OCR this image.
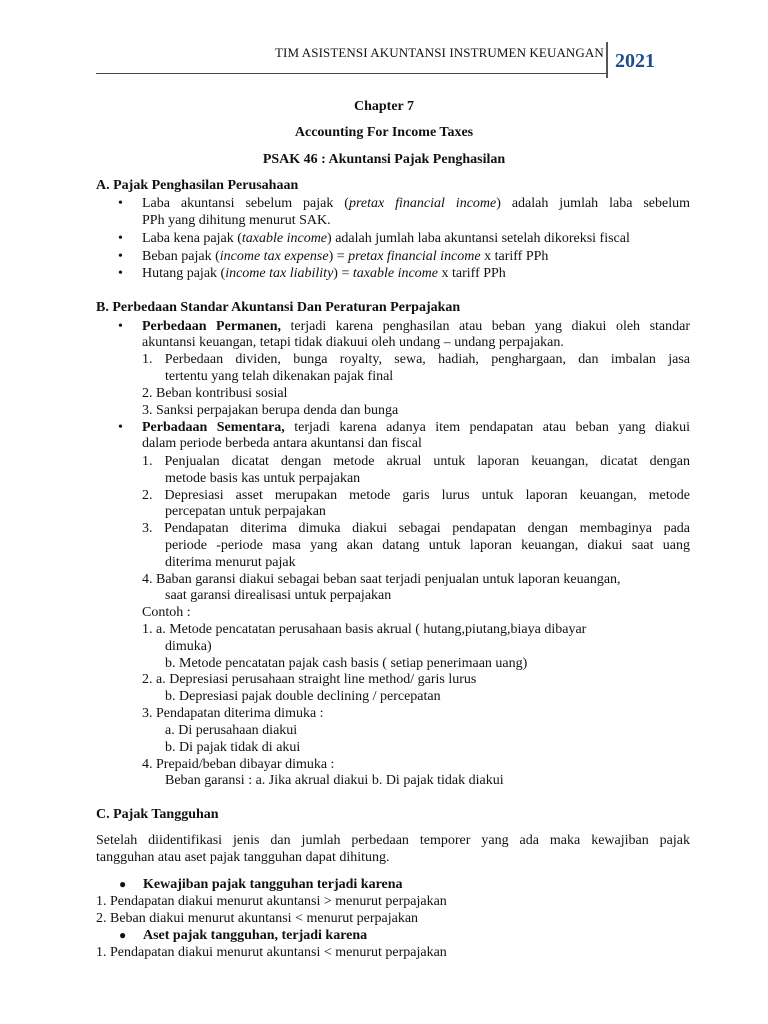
TIM ASISTENSI AKUNTANSI INSTRUMEN KEUANGAN 2021
Chapter 7
Accounting For Income Taxes
PSAK 46 : Akuntansi Pajak Penghasilan
A. Pajak Penghasilan Perusahaan
• Laba akuntansi sebelum pajak (pretax financial income) adalah jumlah laba sebelum
PPh yang dihitung menurut SAK.
• Laba kena pajak (taxable income) adalah jumlah laba akuntansi setelah dikoreksi fiscal
• Beban pajak (income tax expense) = pretax financial income x tariff PPh
• Hutang pajak (income tax liability) = taxable income x tariff PPh
B. Perbedaan Standar Akuntansi Dan Peraturan Perpajakan
• Perbedaan Permanen, terjadi karena penghasilan atau beban yang diakui oleh standar
akuntansi keuangan, tetapi tidak diakuui oleh undang – undang perpajakan.
1. Perbedaan dividen, bunga royalty, sewa, hadiah, penghargaan, dan imbalan jasa
tertentu yang telah dikenakan pajak final
2. Beban kontribusi sosial
3. Sanksi perpajakan berupa denda dan bunga
• Perbadaan Sementara, terjadi karena adanya item pendapatan atau beban yang diakui
dalam periode berbeda antara akuntansi dan fiscal
1. Penjualan dicatat dengan metode akrual untuk laporan keuangan, dicatat dengan
metode basis kas untuk perpajakan
2. Depresiasi asset merupakan metode garis lurus untuk laporan keuangan, metode
percepatan untuk perpajakan
3. Pendapatan diterima dimuka diakui sebagai pendapatan dengan membaginya pada
periode -periode masa yang akan datang untuk laporan keuangan, diakui saat uang
diterima menurut pajak
4. Baban garansi diakui sebagai beban saat terjadi penjualan untuk laporan keuangan,
saat garansi direalisasi untuk perpajakan
Contoh :
1. a. Metode pencatatan perusahaan basis akrual ( hutang,piutang,biaya dibayar
dimuka)
b. Metode pencatatan pajak cash basis ( setiap penerimaan uang)
2. a. Depresiasi perusahaan straight line method/ garis lurus
b. Depresiasi pajak double declining / percepatan
3. Pendapatan diterima dimuka :
a. Di perusahaan diakui
b. Di pajak tidak di akui
4. Prepaid/beban dibayar dimuka :
Beban garansi : a. Jika akrual diakui b. Di pajak tidak diakui
C. Pajak Tangguhan
Setelah diidentifikasi jenis dan jumlah perbedaan temporer yang ada maka kewajiban pajak
tangguhan atau aset pajak tangguhan dapat dihitung.
● Kewajiban pajak tangguhan terjadi karena
1. Pendapatan diakui menurut akuntansi > menurut perpajakan
2. Beban diakui menurut akuntansi < menurut perpajakan
● Aset pajak tangguhan, terjadi karena
1. Pendapatan diakui menurut akuntansi < menurut perpajakan
